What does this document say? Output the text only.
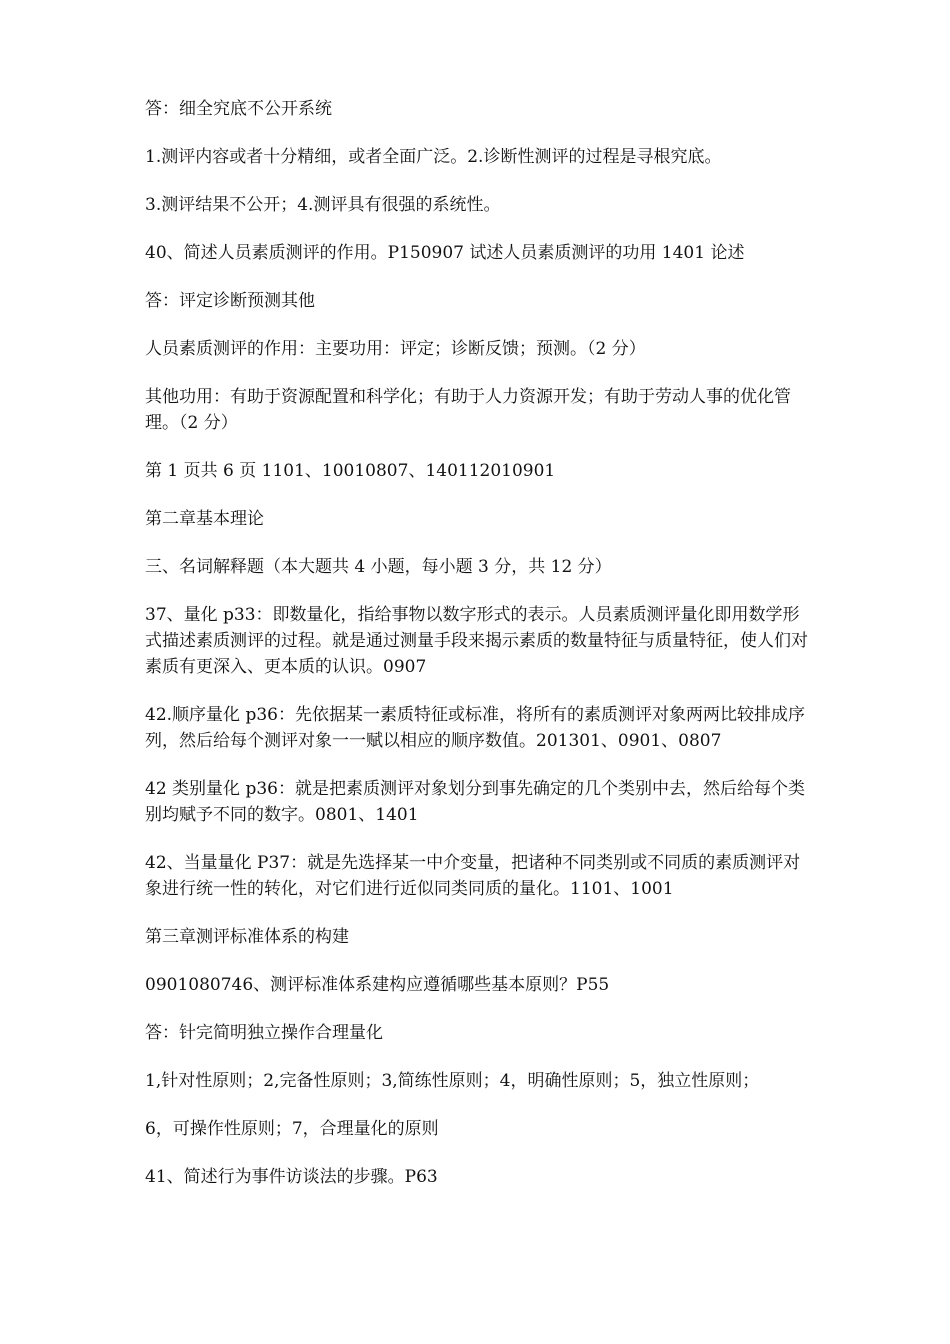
答：细全究底不公开系统

1.测评内容或者十分精细，或者全面广泛。2.诊断性测评的过程是寻根究底。

3.测评结果不公开；4.测评具有很强的系统性。

40、简述人员素质测评的作用。P150907 试述人员素质测评的功用 1401 论述

答：评定诊断预测其他

人员素质测评的作用：主要功用：评定；诊断反馈；预测。（2 分）

其他功用：有助于资源配置和科学化；有助于人力资源开发；有助于劳动人事的优化管理。（2 分）

第 1 页共 6 页 1101、10010807、140112010901

第二章基本理论

三、名词解释题（本大题共 4 小题，每小题 3 分，共 12 分）

37、量化 p33：即数量化，指给事物以数字形式的表示。人员素质测评量化即用数学形式描述素质测评的过程。就是通过测量手段来揭示素质的数量特征与质量特征，使人们对素质有更深入、更本质的认识。0907

42.顺序量化 p36：先依据某一素质特征或标准，将所有的素质测评对象两两比较排成序列，然后给每个测评对象一一赋以相应的顺序数值。201301、0901、0807

42 类别量化 p36：就是把素质测评对象划分到事先确定的几个类别中去，然后给每个类别均赋予不同的数字。0801、1401

42、当量量化 P37：就是先选择某一中介变量，把诸种不同类别或不同质的素质测评对象进行统一性的转化，对它们进行近似同类同质的量化。1101、1001

第三章测评标准体系的构建

0901080746、测评标准体系建构应遵循哪些基本原则？P55

答：针完简明独立操作合理量化

1,针对性原则；2,完备性原则；3,简练性原则；4，明确性原则；5，独立性原则；

6，可操作性原则；7，合理量化的原则

41、简述行为事件访谈法的步骤。P63
